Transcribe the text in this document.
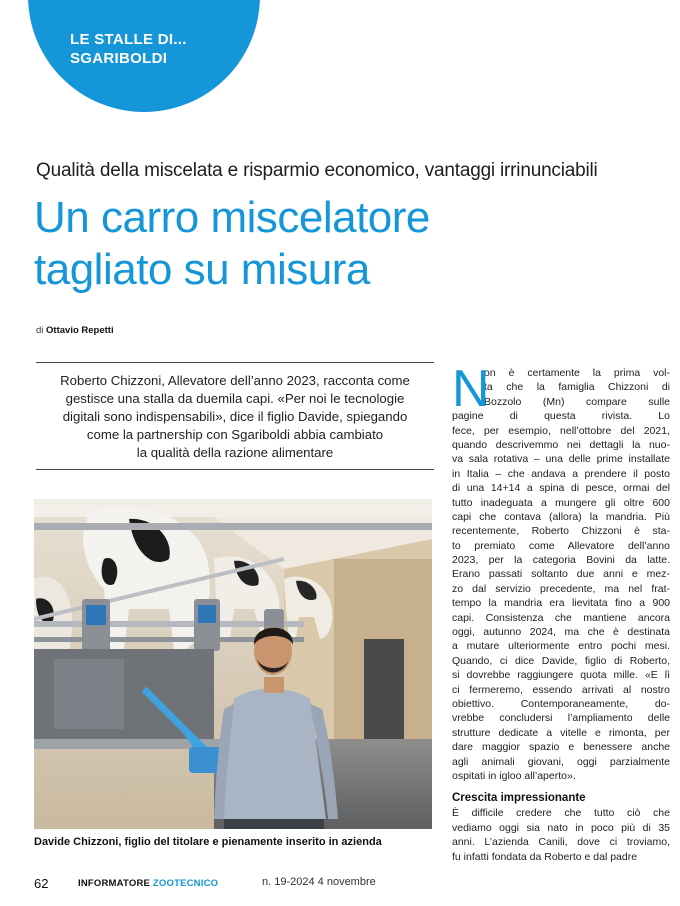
LE STALLE DI...
SGARIBOLDI
Qualità della miscelata e risparmio economico, vantaggi irrinunciabili
Un carro miscelatore
tagliato su misura
di Ottavio Repetti
Roberto Chizzoni, Allevatore dell’anno 2023, racconta come
gestisce una stalla da duemila capi. «Per noi le tecnologie
digitali sono indispensabili», dice il figlio Davide, spiegando
come la partnership con Sgariboldi abbia cambiato
la qualità della razione alimentare
Davide Chizzoni, figlio del titolare e pienamente inserito in azienda
N
on è certamente la prima vol-
ta che la famiglia Chizzoni di
Bozzolo (Mn) compare sulle
pagine di questa rivista. Lo
fece, per esempio, nell’ottobre del 2021,
quando descrivemmo nei dettagli la nuo-
va sala rotativa – una delle prime installate
in Italia – che andava a prendere il posto
di una 14+14 a spina di pesce, ormai del
tutto inadeguata a mungere gli oltre 600
capi che contava (allora) la mandria. Più
recentemente, Roberto Chizzoni è sta-
to premiato come Allevatore dell’anno
2023, per la categoria Bovini da latte.
Erano passati soltanto due anni e mez-
zo dal servizio precedente, ma nel frat-
tempo la mandria era lievitata fino a 900
capi. Consistenza che mantiene ancora
oggi, autunno 2024, ma che è destinata
a mutare ulteriormente entro pochi mesi.
Quando, ci dice Davide, figlio di Roberto,
si dovrebbe raggiungere quota mille. «E lì
ci fermeremo, essendo arrivati al nostro
obiettivo. Contemporaneamente, do-
vrebbe concludersi l’ampliamento delle
strutture dedicate a vitelle e rimonta, per
dare maggior spazio e benessere anche
agli animali giovani, oggi parzialmente
ospitati in igloo all’aperto».
Crescita impressionante
È difficile credere che tutto ciò che
vediamo oggi sia nato in poco più di 35
anni. L’azienda Canili, dove ci troviamo,
fu infatti fondata da Roberto e dal padre
62	INFORMATORE ZOOTECNICO	n. 19-2024 4 novembre
